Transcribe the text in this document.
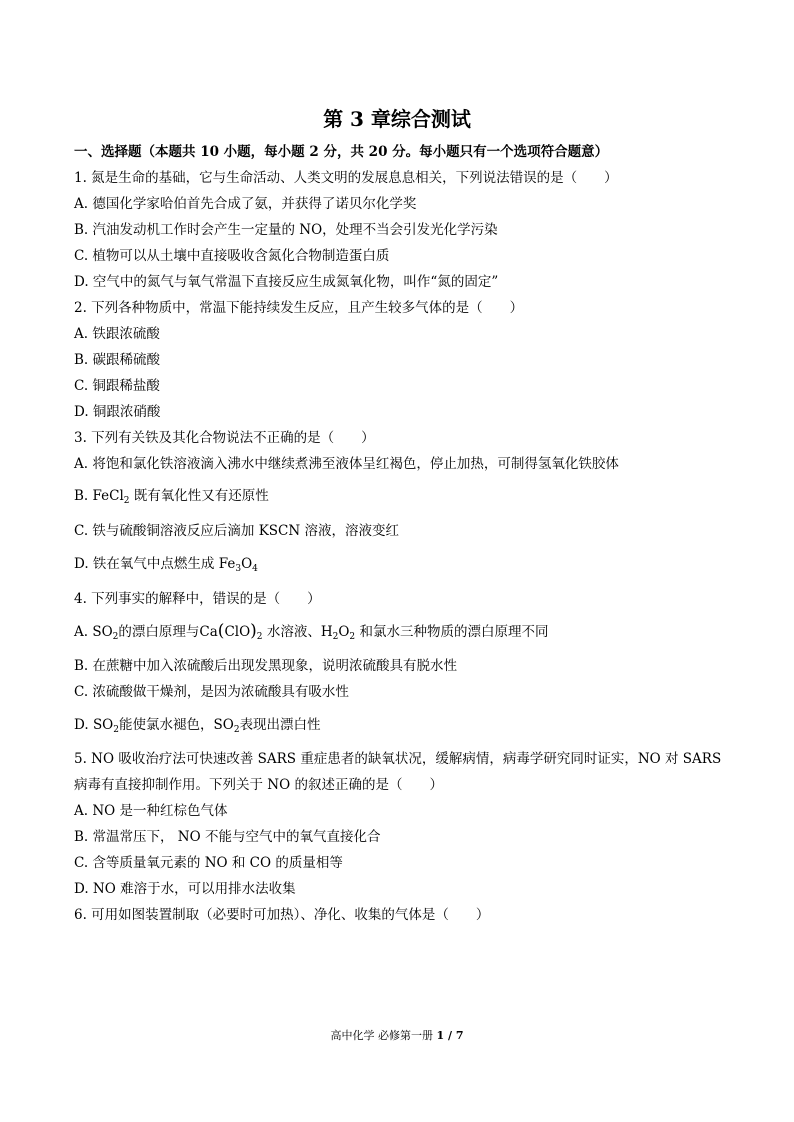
第 3 章综合测试
一、选择题（本题共 10 小题，每小题 2 分，共 20 分。每小题只有一个选项符合题意）
1. 氮是生命的基础，它与生命活动、人类文明的发展息息相关，下列说法错误的是（　　）
A. 德国化学家哈伯首先合成了氨，并获得了诺贝尔化学奖
B. 汽油发动机工作时会产生一定量的 NO，处理不当会引发光化学污染
C. 植物可以从土壤中直接吸收含氮化合物制造蛋白质
D. 空气中的氮气与氧气常温下直接反应生成氮氧化物，叫作“氮的固定”
2. 下列各种物质中，常温下能持续发生反应，且产生较多气体的是（　　）
A. 铁跟浓硫酸
B. 碳跟稀硫酸
C. 铜跟稀盐酸
D. 铜跟浓硝酸
3. 下列有关铁及其化合物说法不正确的是（　　）
A. 将饱和氯化铁溶液滴入沸水中继续煮沸至液体呈红褐色，停止加热，可制得氢氧化铁胶体
B. FeCl$_2$ 既有氧化性又有还原性
C. 铁与硫酸铜溶液反应后滴加 KSCN 溶液，溶液变红
D. 铁在氧气中点燃生成 $Fe_3O_4$
4. 下列事实的解释中，错误的是（　　）
A. $SO_2$的漂白原理与$Ca(ClO)_2$ 水溶液、$H_2O_2$ 和氯水三种物质的漂白原理不同
B. 在蔗糖中加入浓硫酸后出现发黑现象，说明浓硫酸具有脱水性
C. 浓硫酸做干燥剂，是因为浓硫酸具有吸水性
D. $SO_2$能使氯水褪色，$SO_2$表现出漂白性
5. NO 吸收治疗法可快速改善 SARS 重症患者的缺氧状况，缓解病情，病毒学研究同时证实，NO 对 SARS
病毒有直接抑制作用。下列关于 NO 的叙述正确的是（　　）
A. NO 是一种红棕色气体
B. 常温常压下， NO 不能与空气中的氧气直接化合
C. 含等质量氧元素的 NO 和 CO 的质量相等
D. NO 难溶于水，可以用排水法收集
6. 可用如图装置制取（必要时可加热）、净化、收集的气体是（　　）
高中化学 必修第一册 1 / 7
